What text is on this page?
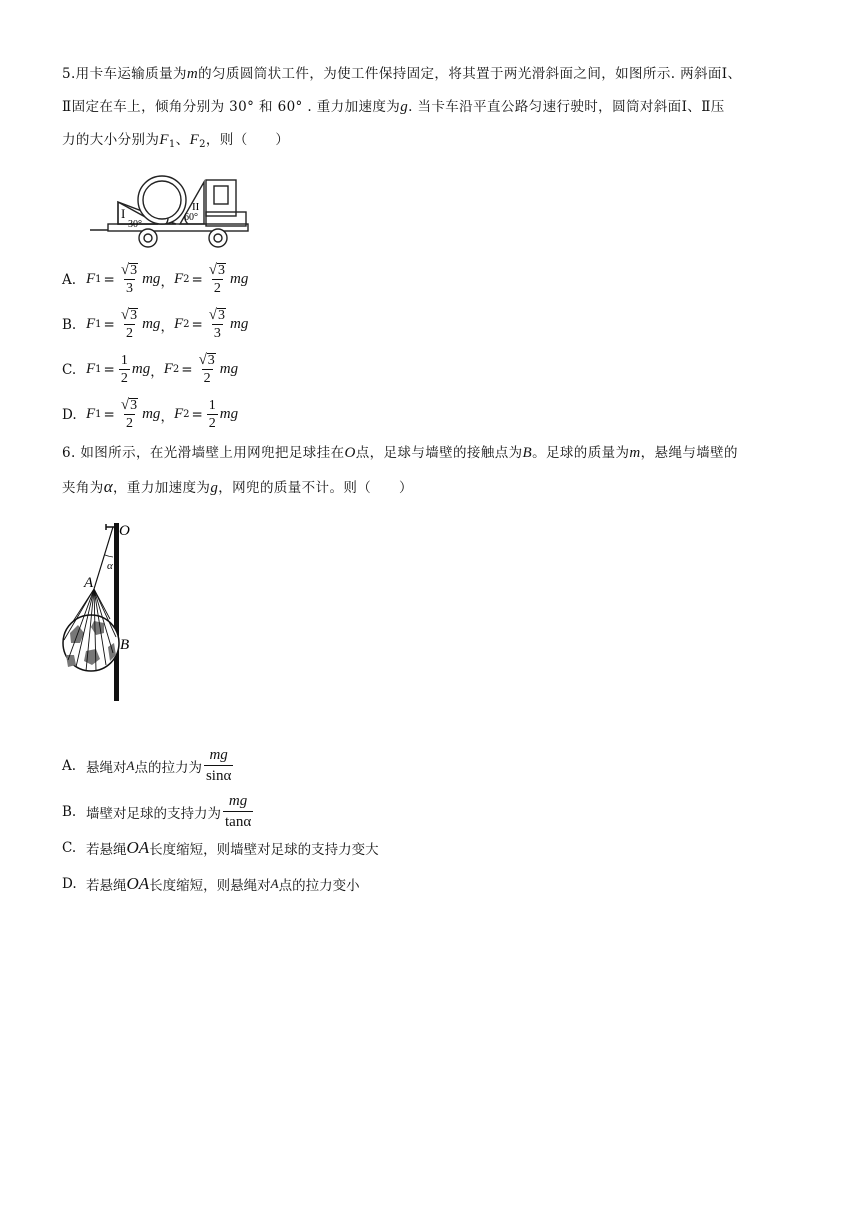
5.用卡车运输质量为m的匀质圆筒状工件，为使工件保持固定，将其置于两光滑斜面之间，如图所示. 两斜面Ⅰ、
Ⅱ固定在车上，倾角分别为 30° 和 60° . 重力加速度为g. 当卡车沿平直公路匀速行驶时，圆筒对斜面Ⅰ、Ⅱ压
力的大小分别为$F_1$、$F_2$，则（　　）
I	II
30°
60°
A. F $1 = \frac{√ 3}{3}$ mg ， F $2 = \frac{√ 3}{2}$ mg
B. F $1 = \frac{√ 3}{2}$ mg ， F $2 = \frac{√ 3}{3}$ mg
C. F $1 = \frac{1}{2}$ mg ， F $2 = \frac{√ 3}{2}$ mg
D. F $1 = \frac{√ 3}{2}$ mg ， F $2 = \frac{1}{2}$ mg
6. 如图所示，在光滑墙壁上用网兜把足球挂在O点，足球与墙壁的接触点为B。足球的质量为m，悬绳与墙壁的
夹角为α，重力加速度为g，网兜的质量不计。则（　　）
O
A
B
α
A. 悬绳对 A 点的拉力为 $\frac{mg}{\sin\alpha}$
B. 墙壁对足球的支持力为 $\frac{mg}{\tan\alpha}$
C. 若悬绳 OA 长度缩短，则墙壁对足球的支持力变大
D. 若悬绳 OA 长度缩短，则悬绳对 A 点的拉力变小
